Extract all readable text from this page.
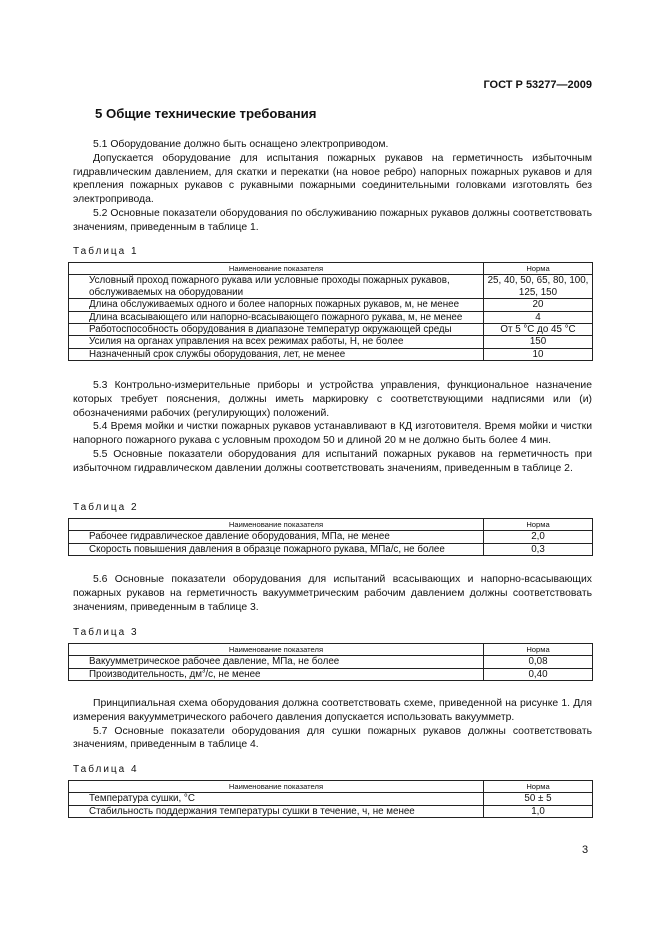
ГОСТ Р 53277—2009
5 Общие технические требования

5.1 Оборудование должно быть оснащено электроприводом.

Допускается оборудование для испытания пожарных рукавов на герметичность избыточным гидравлическим давлением, для скатки и перекатки (на новое ребро) напорных пожарных рукавов и для крепления пожарных рукавов с рукавными пожарными соединительными головками изготовлять без электропривода.

5.2 Основные показатели оборудования по обслуживанию пожарных рукавов должны соответствовать значениям, приведенным в таблице 1.

Таблица 1
Наименование показателя	Норма
Условный проход пожарного рукава или условные проходы пожарных рукавов, обслуживаемых на оборудовании	25, 40, 50, 65, 80, 100, 125, 150
Длина обслуживаемых одного и более напорных пожарных рукавов, м, не менее	20
Длина всасывающего или напорно-всасывающего пожарного рукава, м, не менее	4
Работоспособность оборудования в диапазоне температур окружающей среды	От 5 °С до 45 °С
Усилия на органах управления на всех режимах работы, Н, не более	150
Назначенный срок службы оборудования, лет, не менее	10

5.3 Контрольно-измерительные приборы и устройства управления, функциональное назначение которых требует пояснения, должны иметь маркировку с соответствующими надписями или (и) обозначениями рабочих (регулирующих) положений.

5.4 Время мойки и чистки пожарных рукавов устанавливают в КД изготовителя. Время мойки и чистки напорного пожарного рукава с условным проходом 50 и длиной 20 м не должно быть более 4 мин.

5.5 Основные показатели оборудования для испытаний пожарных рукавов на герметичность при избыточном гидравлическом давлении должны соответствовать значениям, приведенным в таблице 2.

Таблица 2
Наименование показателя	Норма
Рабочее гидравлическое давление оборудования, МПа, не менее	2,0
Скорость повышения давления в образце пожарного рукава, МПа/с, не более	0,3

5.6 Основные показатели оборудования для испытаний всасывающих и напорно-всасывающих пожарных рукавов на герметичность вакуумметрическим рабочим давлением должны соответствовать значениям, приведенным в таблице 3.

Таблица 3
Наименование показателя	Норма
Вакуумметрическое рабочее давление, МПа, не более	0,08
Производительность, $дм^3/с$, не менее	0,40

Принципиальная схема оборудования должна соответствовать схеме, приведенной на рисунке 1. Для измерения вакуумметрического рабочего давления допускается использовать вакуумметр.

5.7 Основные показатели оборудования для сушки пожарных рукавов должны соответствовать значениям, приведенным в таблице 4.

Таблица 4
Наименование показателя	Норма
Температура сушки, °С	50 ± 5
Стабильность поддержания температуры сушки в течение, ч, не менее	1,0
3
